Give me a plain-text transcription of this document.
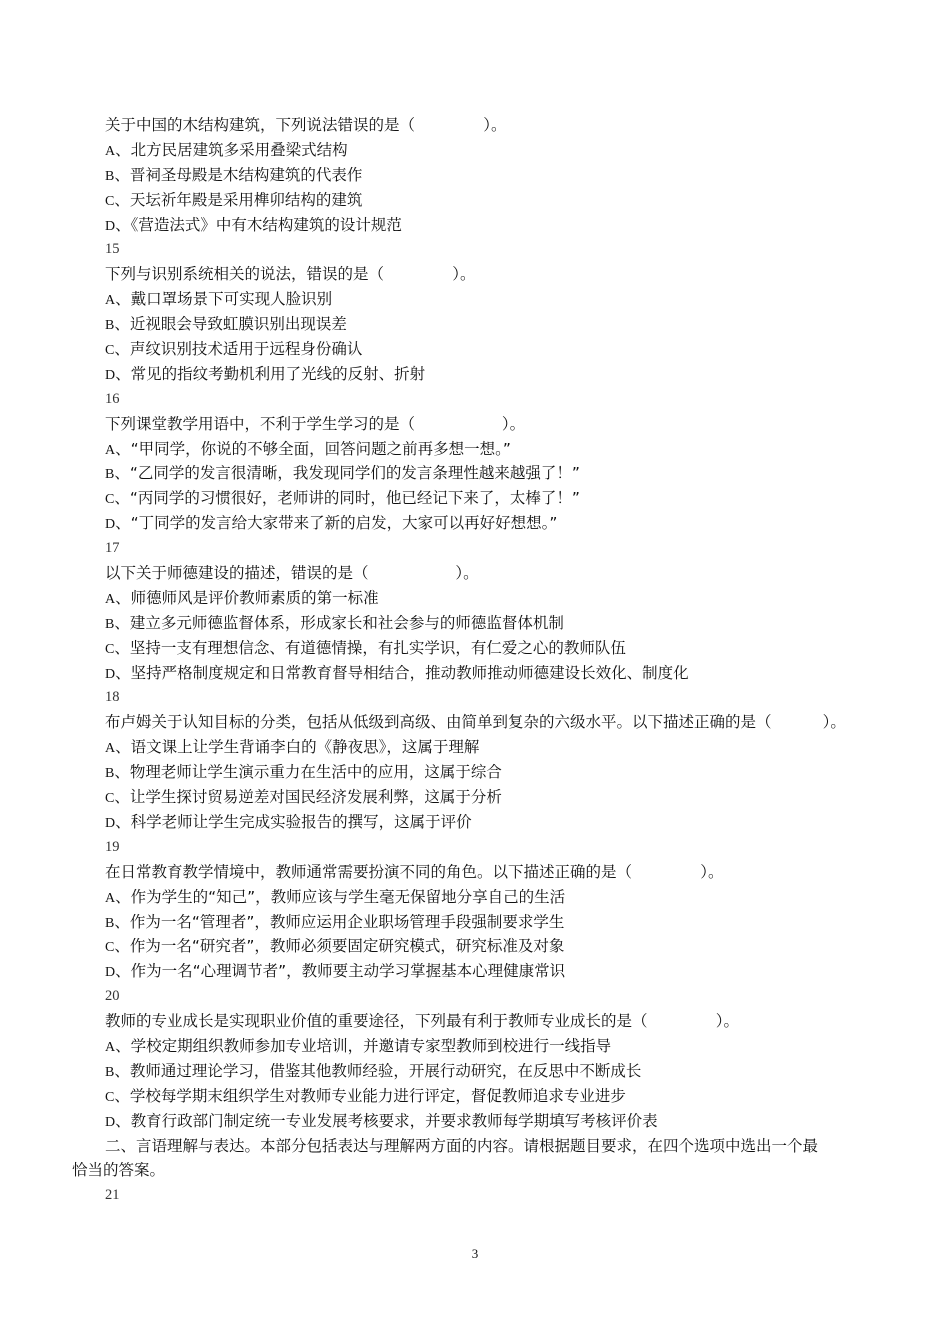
关于中国的木结构建筑，下列说法错误的是（	）。
A、北方民居建筑多采用叠梁式结构
B、晋祠圣母殿是木结构建筑的代表作
C、天坛祈年殿是采用榫卯结构的建筑
D、《营造法式》中有木结构建筑的设计规范
15
下列与识别系统相关的说法，错误的是（	）。
A、戴口罩场景下可实现人脸识别
B、近视眼会导致虹膜识别出现误差
C、声纹识别技术适用于远程身份确认
D、常见的指纹考勤机利用了光线的反射、折射
16
下列课堂教学用语中，不利于学生学习的是（	）。
A、“甲同学，你说的不够全面，回答问题之前再多想一想。”
B、“乙同学的发言很清晰，我发现同学们的发言条理性越来越强了！”
C、“丙同学的习惯很好，老师讲的同时，他已经记下来了，太棒了！”
D、“丁同学的发言给大家带来了新的启发，大家可以再好好想想。”
17
以下关于师德建设的描述，错误的是（	）。
A、师德师风是评价教师素质的第一标准
B、建立多元师德监督体系，形成家长和社会参与的师德监督体机制
C、坚持一支有理想信念、有道德情操，有扎实学识，有仁爱之心的教师队伍
D、坚持严格制度规定和日常教育督导相结合，推动教师推动师德建设长效化、制度化
18
布卢姆关于认知目标的分类，包括从低级到高级、由简单到复杂的六级水平。以下描述正确的是（	）。
A、语文课上让学生背诵李白的《静夜思》，这属于理解
B、物理老师让学生演示重力在生活中的应用，这属于综合
C、让学生探讨贸易逆差对国民经济发展利弊，这属于分析
D、科学老师让学生完成实验报告的撰写，这属于评价
19
在日常教育教学情境中，教师通常需要扮演不同的角色。以下描述正确的是（	）。
A、作为学生的“知己”，教师应该与学生毫无保留地分享自己的生活
B、作为一名“管理者”，教师应运用企业职场管理手段强制要求学生
C、作为一名“研究者”，教师必须要固定研究模式，研究标准及对象
D、作为一名“心理调节者”，教师要主动学习掌握基本心理健康常识
20
教师的专业成长是实现职业价值的重要途径，下列最有利于教师专业成长的是（	）。
A、学校定期组织教师参加专业培训，并邀请专家型教师到校进行一线指导
B、教师通过理论学习，借鉴其他教师经验，开展行动研究，在反思中不断成长
C、学校每学期末组织学生对教师专业能力进行评定，督促教师追求专业进步
D、教育行政部门制定统一专业发展考核要求，并要求教师每学期填写考核评价表
二、言语理解与表达。本部分包括表达与理解两方面的内容。请根据题目要求，在四个选项中选出一个最
恰当的答案。
21
3
